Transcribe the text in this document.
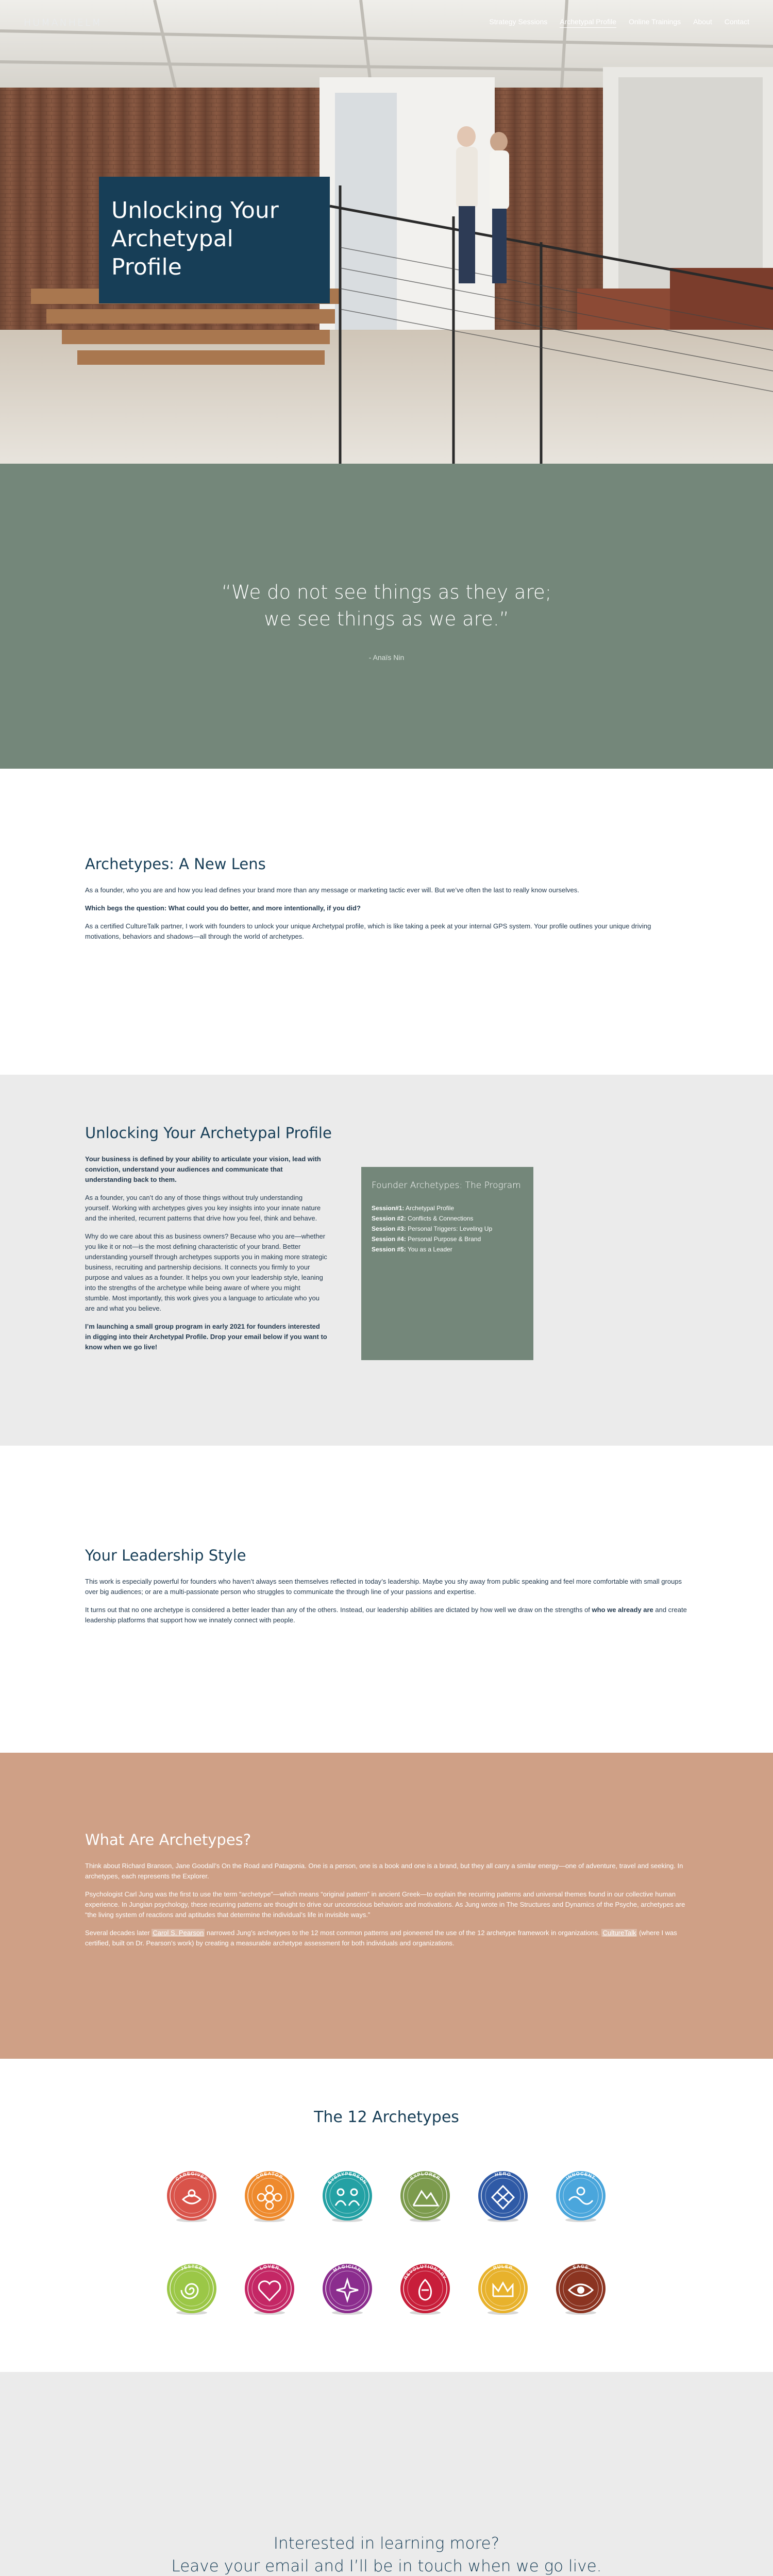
HUMANHELM	Strategy Sessions Archetypal Profile Online Trainings About Contact
Unlocking Your
Archetypal
Profile
“We do not see things as they are;
we see things as we are.”
- Anaïs Nin
Archetypes: A New Lens

As a founder, who you are and how you lead defines your brand more than any message or marketing tactic ever will. But we’ve often the last to really know ourselves.

Which begs the question: What could you do better, and more intentionally, if you did?

As a certified CultureTalk partner, I work with founders to unlock your unique Archetypal profile, which is like taking a peek at your internal GPS system. Your profile outlines your unique driving motivations, behaviors and shadows—all through the world of archetypes.

Unlocking Your Archetypal Profile

Your business is defined by your ability to articulate your vision, lead with conviction, understand your audiences and communicate that understanding back to them.

As a founder, you can’t do any of those things without truly understanding yourself. Working with archetypes gives you key insights into your innate nature and the inherited, recurrent patterns that drive how you feel, think and behave.

Why do we care about this as business owners? Because who you are—whether you like it or not—is the most defining characteristic of your brand. Better understanding yourself through archetypes supports you in making more strategic business, recruiting and partnership decisions. It connects you firmly to your purpose and values as a founder. It helps you own your leadership style, leaning into the strengths of the archetype while being aware of where you might stumble. Most importantly, this work gives you a language to articulate who you are and what you believe.

I’m launching a small group program in early 2021 for founders interested in digging into their Archetypal Profile. Drop your email below if you want to know when we go live!

Founder Archetypes: The Program
Session#1: Archetypal Profile
Session #2: Conflicts & Connections
Session #3: Personal Triggers: Leveling Up
Session #4: Personal Purpose & Brand
Session #5: You as a Leader
Your Leadership Style

This work is especially powerful for founders who haven’t always seen themselves reflected in today’s leadership. Maybe you shy away from public speaking and feel more comfortable with small groups over big audiences; or are a multi-passionate person who struggles to communicate the through line of your passions and expertise.

It turns out that no one archetype is considered a better leader than any of the others. Instead, our leadership abilities are dictated by how well we draw on the strengths of who we already are and create leadership platforms that support how we innately connect with people.

What Are Archetypes?

Think about Richard Branson, Jane Goodall’s On the Road and Patagonia. One is a person, one is a book and one is a brand, but they all carry a similar energy—one of adventure, travel and seeking. In archetypes, each represents the Explorer.

Psychologist Carl Jung was the first to use the term “archetype”—which means “original pattern” in ancient Greek—to explain the recurring patterns and universal themes found in our collective human experience. In Jungian psychology, these recurring patterns are thought to drive our unconscious behaviors and motivations. As Jung wrote in The Structures and Dynamics of the Psyche, archetypes are “the living system of reactions and aptitudes that determine the individual’s life in invisible ways.”

Several decades later Carol S. Pearson narrowed Jung’s archetypes to the 12 most common patterns and pioneered the use of the 12 archetype framework in organizations. CultureTalk (where I was certified, built on Dr. Pearson’s work) by creating a measurable archetype assessment for both individuals and organizations.

The 12 Archetypes
CAREGIVER	CREATOR
EVERYPERSON
EXPLORER
HERO
INNOCENT
JESTER	LOVER	MAGICIAN
REVOLUTIONARY
RULER	SAGE
Interested in learning more?
Leave your email and I’ll be in touch when we go live.
